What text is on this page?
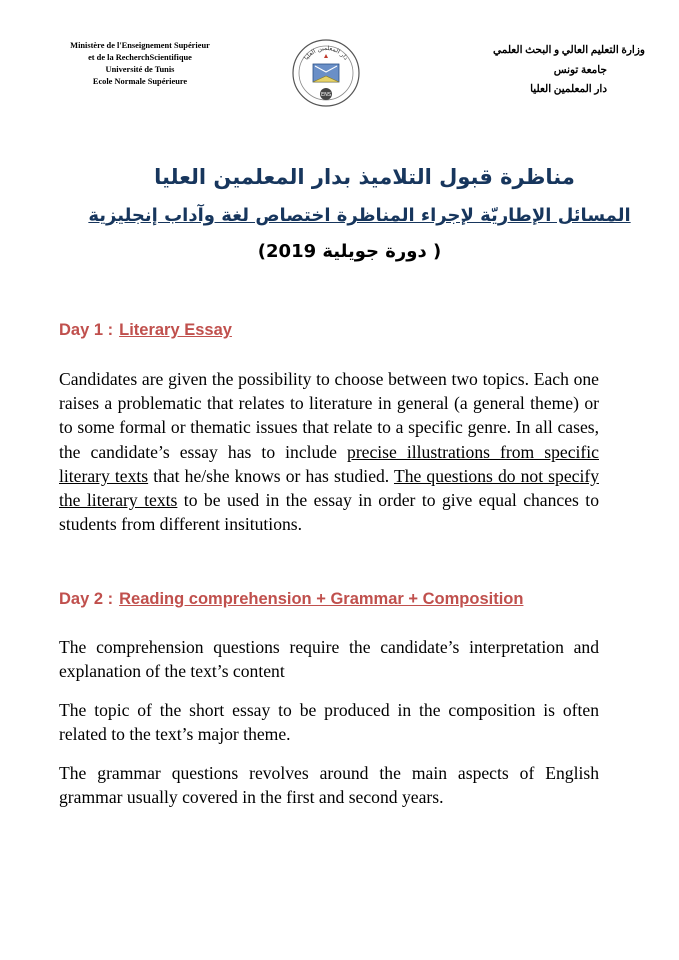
Ministère de l'Enseignement Supérieur
et de la RecherchScientifique
Université de Tunis
Ecole Normale Supérieure
دار المعلمين العليا
ENS
وزارة التعليم العالي و البحث العلمي
جامعة تونس
دار المعلمين العليا
مناظرة قبول التلاميذ بدار المعلمين العليا
المسائل الإطاريّة لإجراء المناظرة اختصاص لغة وآداب إنجليزية
( دورة جويلية 2019)
Day 1 : Literary Essay

Candidates are given the possibility to choose between two topics. Each one raises a problematic that relates to literature in general (a general theme) or to some formal or thematic issues that relate to a specific genre. In all cases, the candidate’s essay has to include precise illustrations from specific literary texts that he/she knows or has studied. The questions do not specify the literary texts to be used in the essay in order to give equal chances to students from different insitutions.

Day 2 : Reading comprehension + Grammar + Composition

The comprehension questions require the candidate’s interpretation and explanation of the text’s content

The topic of the short essay to be produced in the composition is often related to the text’s major theme.

The grammar questions revolves around the main aspects of English grammar usually covered in the first and second years.
